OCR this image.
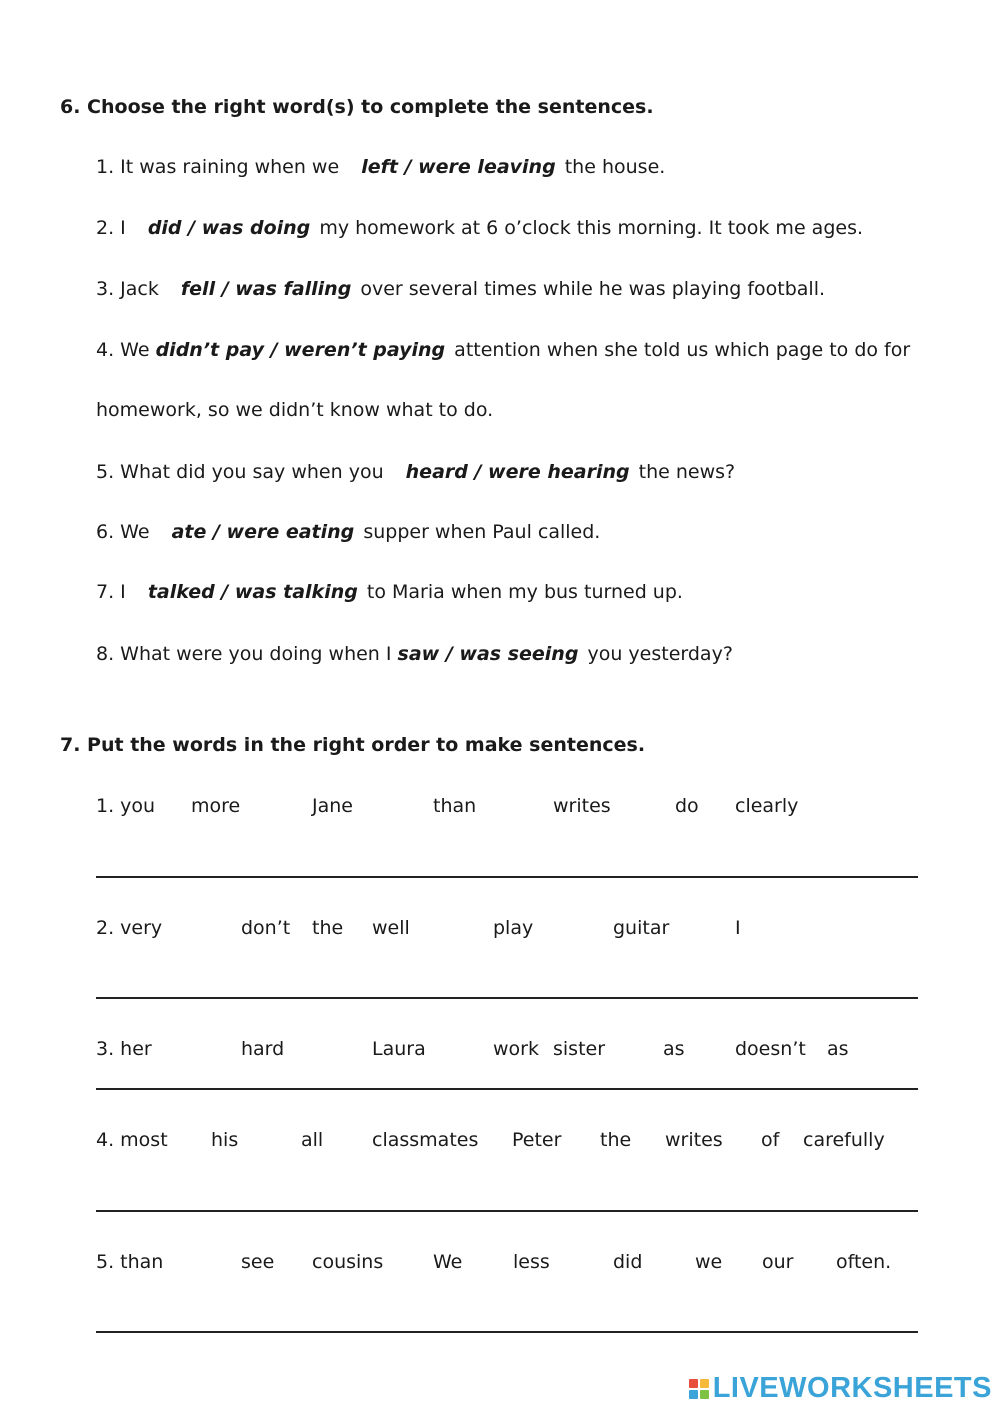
6. Choose the right word(s) to complete the sentences.
1. It was raining when we left / were leaving the house.
2. I did / was doing my homework at 6 o’clock this morning. It took me ages.
3. Jack fell / was falling over several times while he was playing football.
4. We didn’t pay / weren’t paying attention when she told us which page to do for
homework, so we didn’t know what to do.
5. What did you say when you heard / were hearing the news?
6. We ate / were eating supper when Paul called.
7. I talked / was talking to Maria when my bus turned up.
8. What were you doing when I saw / was seeing you yesterday?
7. Put the words in the right order to make sentences.
1. you more	Jane	than	writes	do clearly
2. very	don’t the well	play	guitar	I
3. her	hard	Laura	work sister	as	doesn’t as
4. most his	all	classmates Peter the writes of carefully
5. than	see cousins	We	less	did	we our often.
LIVEWORKSHEETS
